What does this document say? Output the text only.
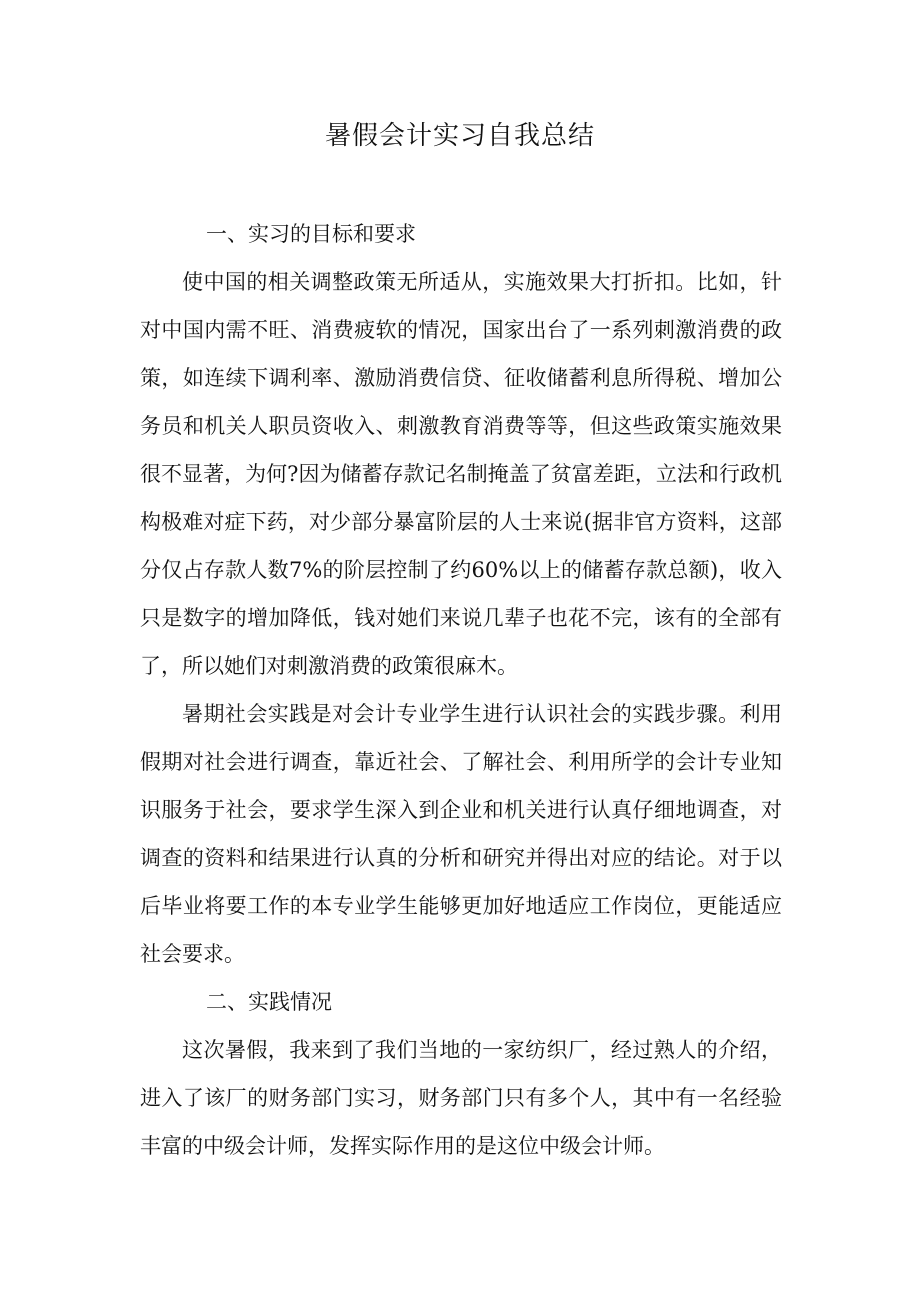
暑假会计实习自我总结

一、实习的目标和要求

使中国的相关调整政策无所适从，实施效果大打折扣。比如，针对中国内需不旺、消费疲软的情况，国家出台了一系列刺激消费的政策，如连续下调利率、激励消费信贷、征收储蓄利息所得税、增加公务员和机关人职员资收入、刺激教育消费等等，但这些政策实施效果很不显著，为何?因为储蓄存款记名制掩盖了贫富差距，立法和行政机构极难对症下药，对少部分暴富阶层的人士来说(据非官方资料，这部分仅占存款人数7%的阶层控制了约60%以上的储蓄存款总额)，收入只是数字的增加降低，钱对她们来说几辈子也花不完，该有的全部有了，所以她们对刺激消费的政策很麻木。

暑期社会实践是对会计专业学生进行认识社会的实践步骤。利用假期对社会进行调查，靠近社会、了解社会、利用所学的会计专业知识服务于社会，要求学生深入到企业和机关进行认真仔细地调查，对调查的资料和结果进行认真的分析和研究并得出对应的结论。对于以后毕业将要工作的本专业学生能够更加好地适应工作岗位，更能适应社会要求。

二、实践情况

这次暑假，我来到了我们当地的一家纺织厂，经过熟人的介绍，进入了该厂的财务部门实习，财务部门只有多个人，其中有一名经验丰富的中级会计师，发挥实际作用的是这位中级会计师。
